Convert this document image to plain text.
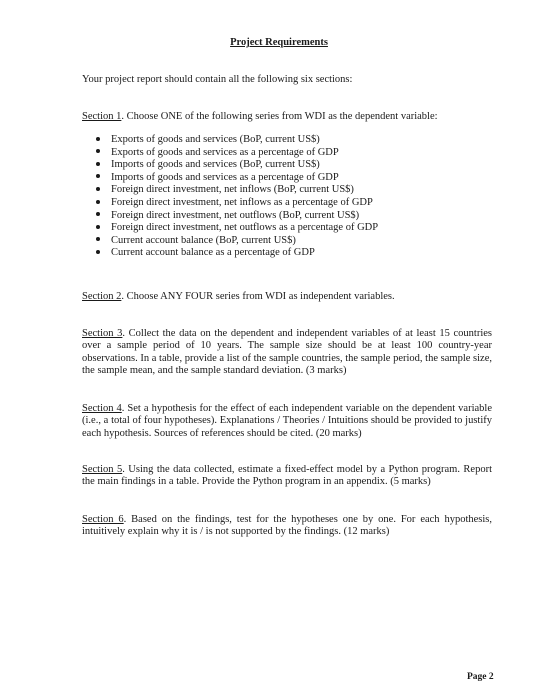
Project Requirements
Your project report should contain all the following six sections:
Section 1. Choose ONE of the following series from WDI as the dependent variable:
Exports of goods and services (BoP, current US$)
Exports of goods and services as a percentage of GDP
Imports of goods and services (BoP, current US$)
Imports of goods and services as a percentage of GDP
Foreign direct investment, net inflows (BoP, current US$)
Foreign direct investment, net inflows as a percentage of GDP
Foreign direct investment, net outflows (BoP, current US$)
Foreign direct investment, net outflows as a percentage of GDP
Current account balance (BoP, current US$)
Current account balance as a percentage of GDP
Section 2. Choose ANY FOUR series from WDI as independent variables.
Section 3. Collect the data on the dependent and independent variables of at least 15 countries over a sample period of 10 years. The sample size should be at least 100 country-year observations. In a table, provide a list of the sample countries, the sample period, the sample size, the sample mean, and the sample standard deviation. (3 marks)
Section 4. Set a hypothesis for the effect of each independent variable on the dependent variable (i.e., a total of four hypotheses). Explanations / Theories / Intuitions should be provided to justify each hypothesis. Sources of references should be cited. (20 marks)
Section 5. Using the data collected, estimate a fixed-effect model by a Python program. Report the main findings in a table. Provide the Python program in an appendix. (5 marks)
Section 6. Based on the findings, test for the hypotheses one by one. For each hypothesis, intuitively explain why it is / is not supported by the findings. (12 marks)
Page 2
